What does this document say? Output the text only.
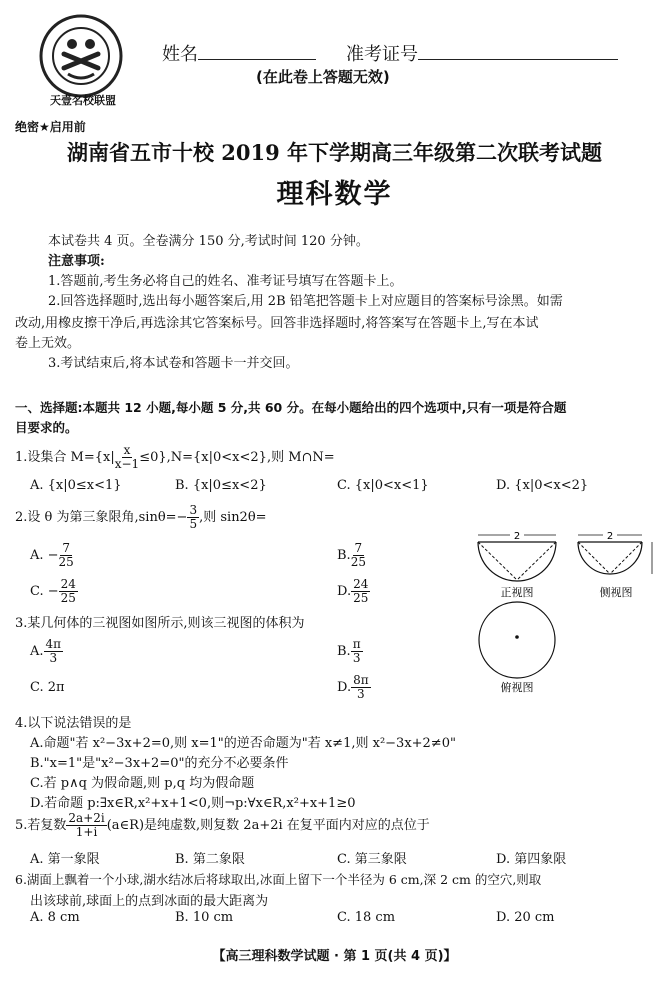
天壹名校联盟
姓名	准考证号
(在此卷上答题无效)
绝密★启用前
湖南省五市十校 2019 年下学期高三年级第二次联考试题
理科数学
本试卷共 4 页。全卷满分 150 分,考试时间 120 分钟。
注意事项:
1.答题前,考生务必将自己的姓名、准考证号填写在答题卡上。
2.回答选择题时,选出每小题答案后,用 2B 铅笔把答题卡上对应题目的答案标号涂黑。如需
改动,用橡皮擦干净后,再选涂其它答案标号。回答非选择题时,将答案写在答题卡上,写在本试
卷上无效。
3.考试结束后,将本试卷和答题卡一并交回。
一、选择题:本题共 12 小题,每小题 5 分,共 60 分。在每小题给出的四个选项中,只有一项是符合题
目要求的。
1.设集合 $M=\{x| \frac{x}{x-1} \le 0\},N=\{x|0<x<2\}$,则 M∩N=
A. {x|0≤x<1}	B. {x|0≤x<2}	C. {x|0<x<1}	D. {x|0<x<2}
2.设 θ 为第三象限角$,\sin\theta=- \frac{3}{5}$ ,则 sin2θ=
A. − $\frac{7}{25}$	B. $\frac{7}{25}$
C. − $\frac{24}{25}$	D. $\frac{24}{25}$
2	2
正视图	侧视图
俯视图
3.某几何体的三视图如图所示,则该三视图的体积为
A. $\frac{4\pi}{3}$	B. $\frac{\pi}{3}$
C. 2π	D. $\frac{8\pi}{3}$
4.以下说法错误的是
A.命题"若 x²−3x+2=0,则 x=1"的逆否命题为"若 x≠1,则 x²−3x+2≠0"
B."x=1"是"x²−3x+2=0"的充分不必要条件
C.若 p∧q 为假命题,则 p,q 均为假命题
D.若命题 p:∃x∈R,x²+x+1<0,则¬p:∀x∈R,x²+x+1≥0
5.若复数 $\frac{2a+2i}{1+i}$ (a∈R)是纯虚数,则复数 2a+2i 在复平面内对应的点位于
A. 第一象限	B. 第二象限	C. 第三象限	D. 第四象限
6.湖面上飘着一个小球,湖水结冰后将球取出,冰面上留下一个半径为 6 cm,深 2 cm 的空穴,则取
出该球前,球面上的点到冰面的最大距离为
A. 8 cm	B. 10 cm	C. 18 cm	D. 20 cm
【高三理科数学试题 · 第 1 页(共 4 页)】
